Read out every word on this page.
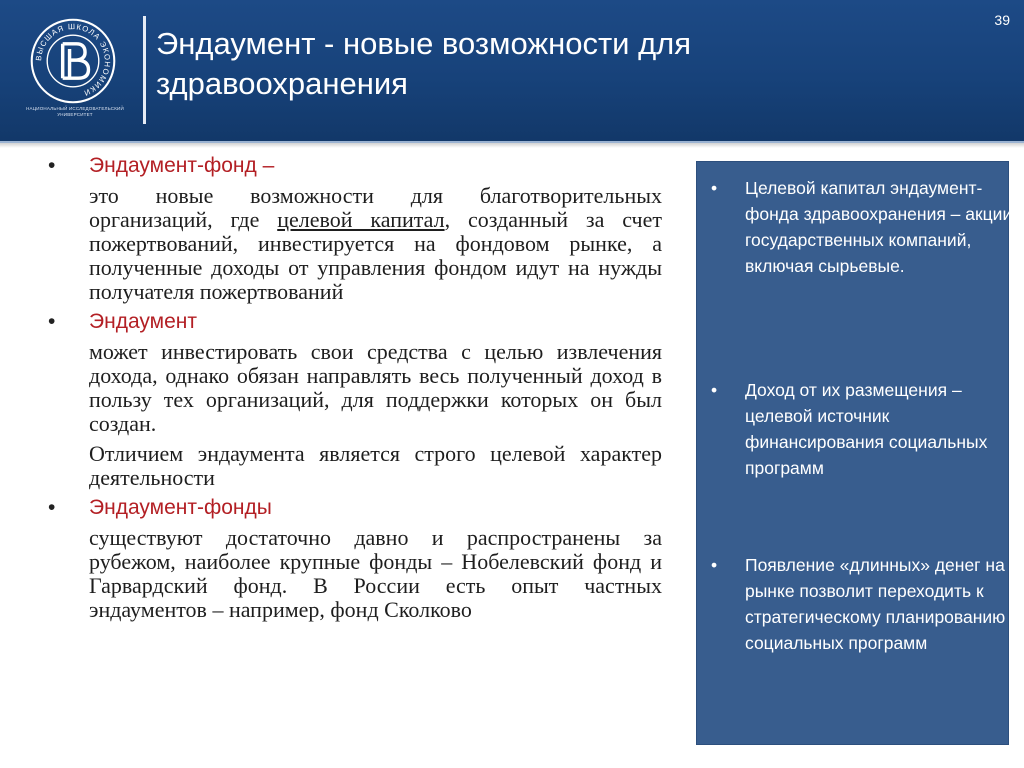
ВЫСШАЯ ШКОЛА ЭКОНОМИКИ
НАЦИОНАЛЬНЫЙ ИССЛЕДОВАТЕЛЬСКИЙ УНИВЕРСИТЕТ
Эндаумент - новые возможности для здравоохранения
39
• Эндаумент-фонд –
это новые возможности для благотворительных организаций, где целевой капитал, созданный за счет пожертвований, инвестируется на фондовом рынке, а полученные доходы от управления фондом идут на нужды получателя пожертвований
• Эндаумент
может инвестировать свои средства с целью извлечения дохода, однако обязан направлять весь полученный доход в пользу тех организаций, для поддержки которых он был создан.
Отличием эндаумента является строго целевой характер деятельности
• Эндаумент-фонды
существуют достаточно давно и распространены за рубежом, наиболее крупные фонды – Нобелевский фонд и Гарвардский фонд. В России есть опыт частных эндаументов – например, фонд Сколково
• Целевой капитал эндаумент-фонда здравоохранения – акции государственных компаний, включая сырьевые.
• Доход от их размещения – целевой источник финансирования социальных программ
• Появление «длинных» денег на рынке позволит переходить к стратегическому планированию социальных программ
